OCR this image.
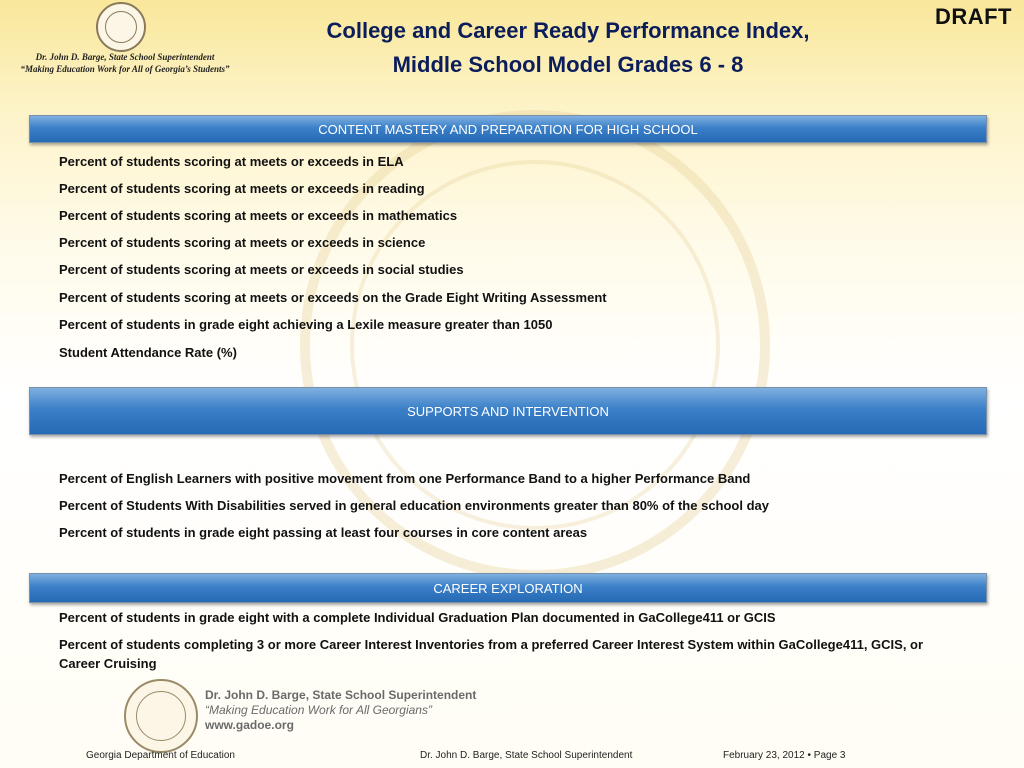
Dr. John D. Barge, State School Superintendent
“Making Education Work for All of Georgia’s Students”
College and Career Ready Performance Index,
Middle School Model Grades 6 - 8
DRAFT
CONTENT MASTERY AND PREPARATION FOR HIGH SCHOOL
Percent of students scoring at meets or exceeds in ELA
Percent of students scoring at meets or exceeds in reading
Percent of students scoring at meets or exceeds in mathematics
Percent of students scoring at meets or exceeds in science
Percent of students scoring at meets or exceeds in social studies
Percent of students scoring at meets or exceeds on the Grade Eight Writing Assessment
Percent of students in grade eight achieving a Lexile measure greater than 1050
Student Attendance Rate (%)
SUPPORTS AND INTERVENTION
Percent of English Learners with positive movement from one Performance Band to a higher Performance Band
Percent of Students With Disabilities served in general education environments greater than 80% of the school day
Percent of students in grade eight passing at least four courses in core content areas
CAREER EXPLORATION
Percent of students in grade eight with a complete Individual Graduation Plan documented in GaCollege411 or GCIS
Percent of students completing 3 or more Career Interest Inventories from a preferred Career Interest System within GaCollege411, GCIS, or Career Cruising
Dr. John D. Barge, State School Superintendent
“Making Education Work for All Georgians”
www.gadoe.org
Georgia Department of Education	Dr. John D. Barge, State School Superintendent	February 23, 2012 • Page 3
